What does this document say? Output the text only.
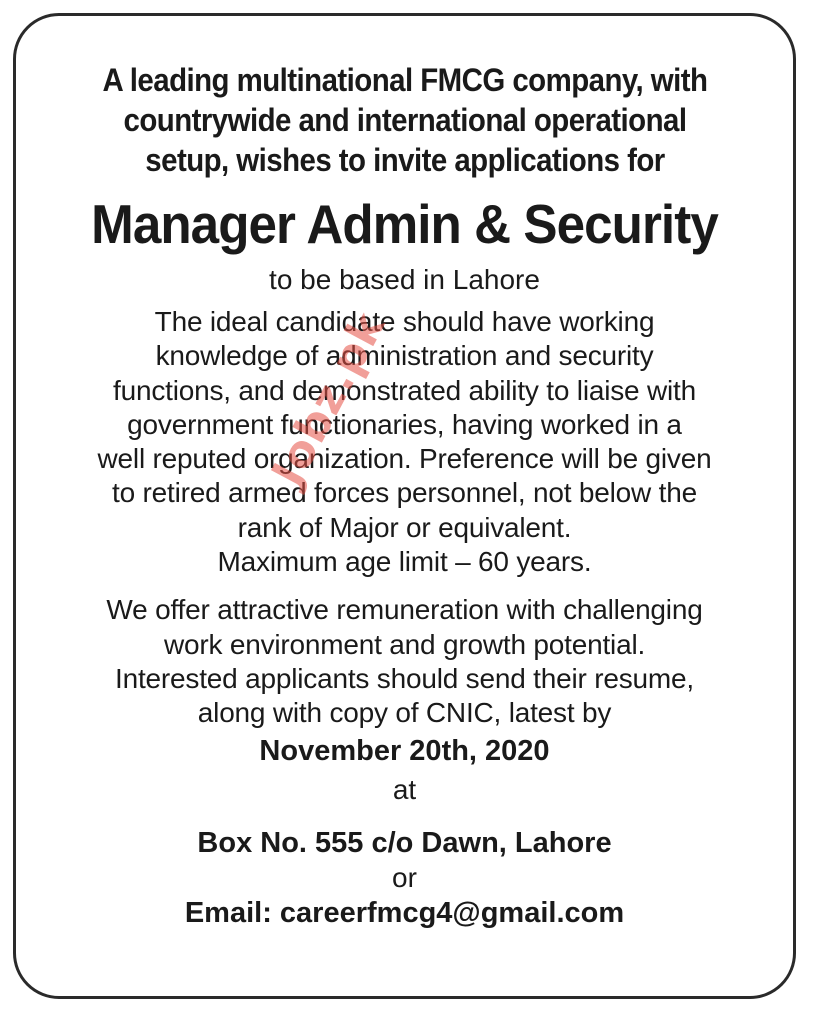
A leading multinational FMCG company, with
countrywide and international operational
setup, wishes to invite applications for
Manager Admin & Security
to be based in Lahore
The ideal candidate should have working
knowledge of administration and security
functions, and demonstrated ability to liaise with
government functionaries, having worked in a
well reputed organization. Preference will be given
to retired armed forces personnel, not below the
rank of Major or equivalent.
Maximum age limit – 60 years.
We offer attractive remuneration with challenging
work environment and growth potential.
Interested applicants should send their resume,
along with copy of CNIC, latest by
November 20th, 2020
at
Box No. 555 c/o Dawn, Lahore
or
Email: careerfmcg4@gmail.com
Jobz.pk
